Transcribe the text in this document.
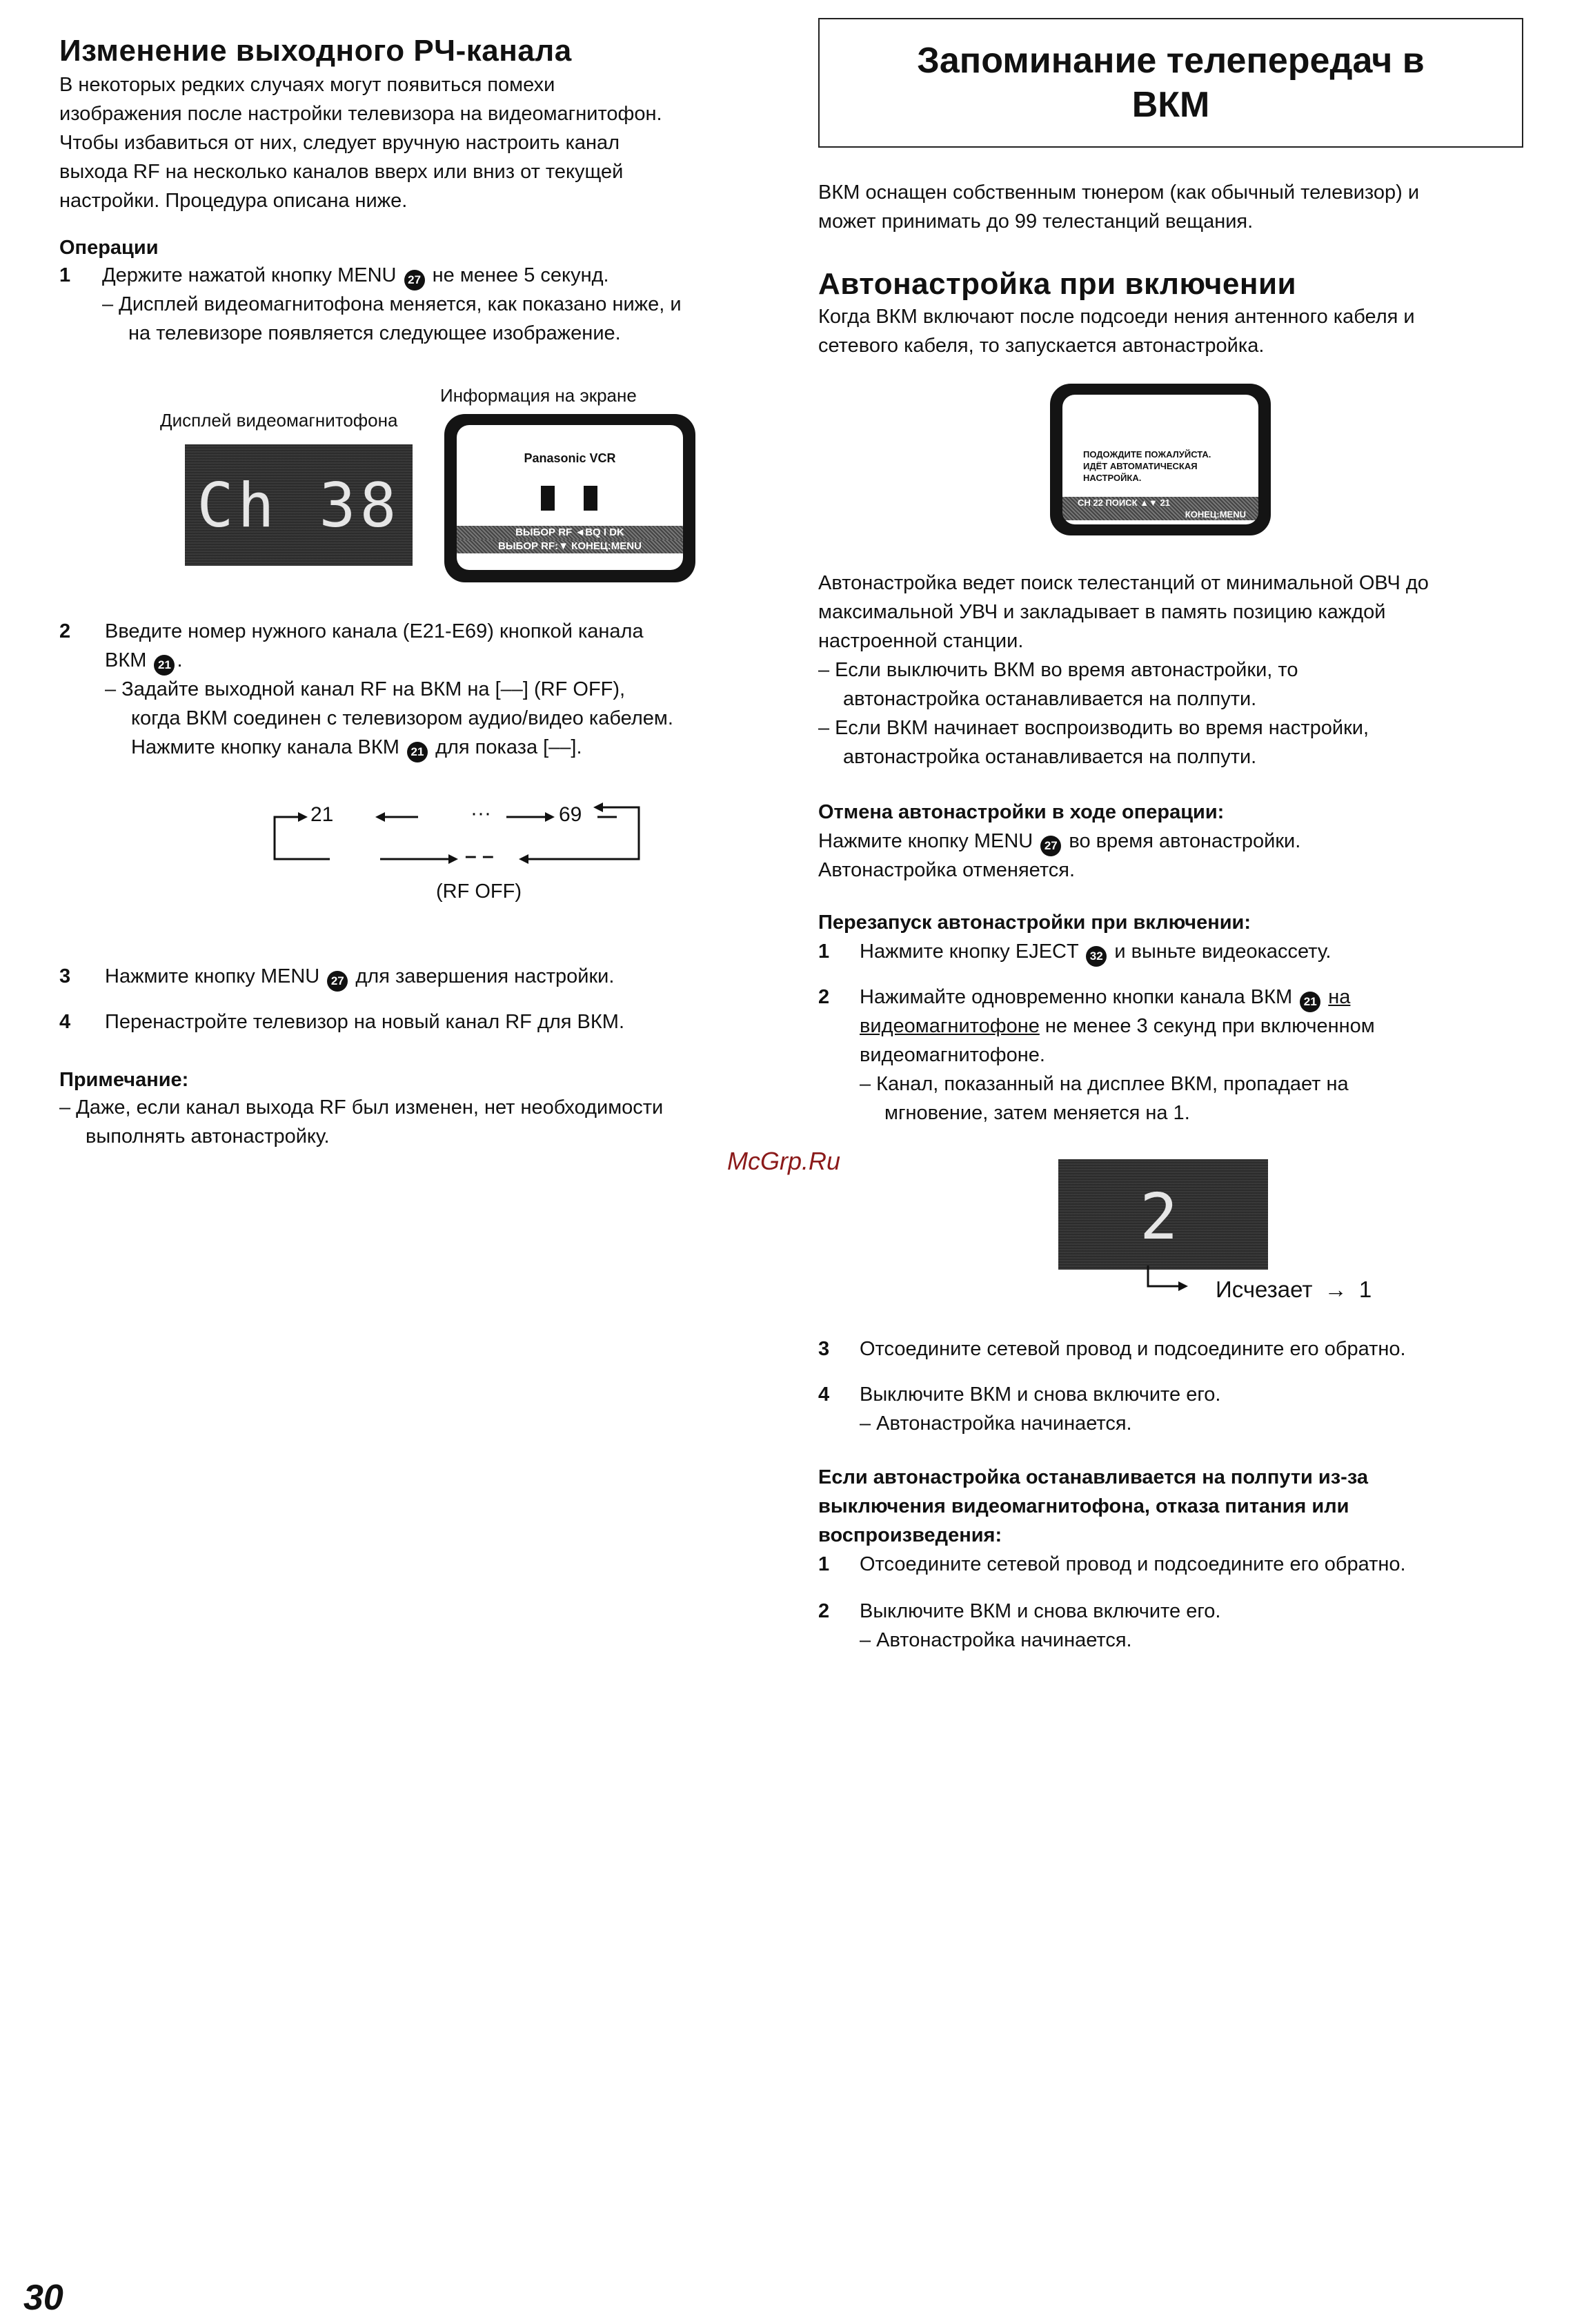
Изменение выходного РЧ-канала
В некоторых редких случаях могут появиться помехи
изображения после настройки телевизора на видеомагнитофон.
Чтобы избавиться от них, следует вручную настроить канал
выхода RF на несколько каналов вверх или вниз от текущей
настройки. Процедура описана ниже.
Операции
1 Держите нажатой кнопку MENU 27 не менее 5 секунд.
– Дисплей видеомагнитофона меняется, как показано ниже, и
на телевизоре появляется следующее изображение.
Информация на экране
Дисплей видеомагнитофона
Ch 38
Panasonic VCR
ВЫБОР RF ◄BQ I DK
ВЫБОР RF:▼ КОНЕЦ:MENU
2 Введите номер нужного канала (E21-E69) кнопкой канала
ВКМ 21 .
– Задайте выходной канал RF на ВКМ на [––] (RF OFF),
когда ВКМ соединен с телевизором аудио/видео кабелем.
Нажмите кнопку канала ВКМ 21 для показа [––].
21	···	69
– –
(RF OFF)
3 Нажмите кнопку MENU 27 для завершения настройки.
4 Перенастройте телевизор на новый канал RF для ВКМ.
Примечание:
– Даже, если канал выхода RF был изменен, нет необходимости
выполнять автонастройку.
Запоминание телепередач в
ВКМ
ВКМ оснащен собственным тюнером (как обычный телевизор) и
может принимать до 99 телестанций вещания.
Автонастройка при включении
Когда ВКМ включают после подсоеди нения антенного кабеля и
сетевого кабеля, то запускается автонастройка.
ПОДОЖДИТЕ ПОЖАЛУЙСТА.
ИДЁТ АВТОМАТИЧЕСКАЯ
НАСТРОЙКА.
CH 22 ПОИСК ▲▼ 21
КОНЕЦ:MENU
Автонастройка ведет поиск телестанций от минимальной ОВЧ до
максимальной УВЧ и закладывает в память позицию каждой
настроенной станции.
– Если выключить ВКМ во время автонастройки, то
автонастройка останавливается на полпути.
– Если ВКМ начинает воспроизводить во время настройки,
автонастройка останавливается на полпути.
Отмена автонастройки в ходе операции:
Нажмите кнопку MENU 27 во время автонастройки.
Автонастройка отменяется.
Перезапуск автонастройки при включении:
1 Нажмите кнопку EJECT 32 и выньте видеокассету.
2 Нажимайте одновременно кнопки канала ВКМ 21 на
видеомагнитофоне не менее 3 секунд при включенном
видеомагнитофоне.
– Канал, показанный на дисплее ВКМ, пропадает на
мгновение, затем меняется на 1.
2
Исчезает → 1
3 Отсоедините сетевой провод и подсоедините его обратно.
4 Выключите ВКМ и снова включите его.
– Автонастройка начинается.
Если автонастройка останавливается на полпути из-за
выключения видеомагнитофона, отказа питания или
воспроизведения:
1 Отсоедините сетевой провод и подсоедините его обратно.
2 Выключите ВКМ и снова включите его.
– Автонастройка начинается.
McGrp.Ru
30
